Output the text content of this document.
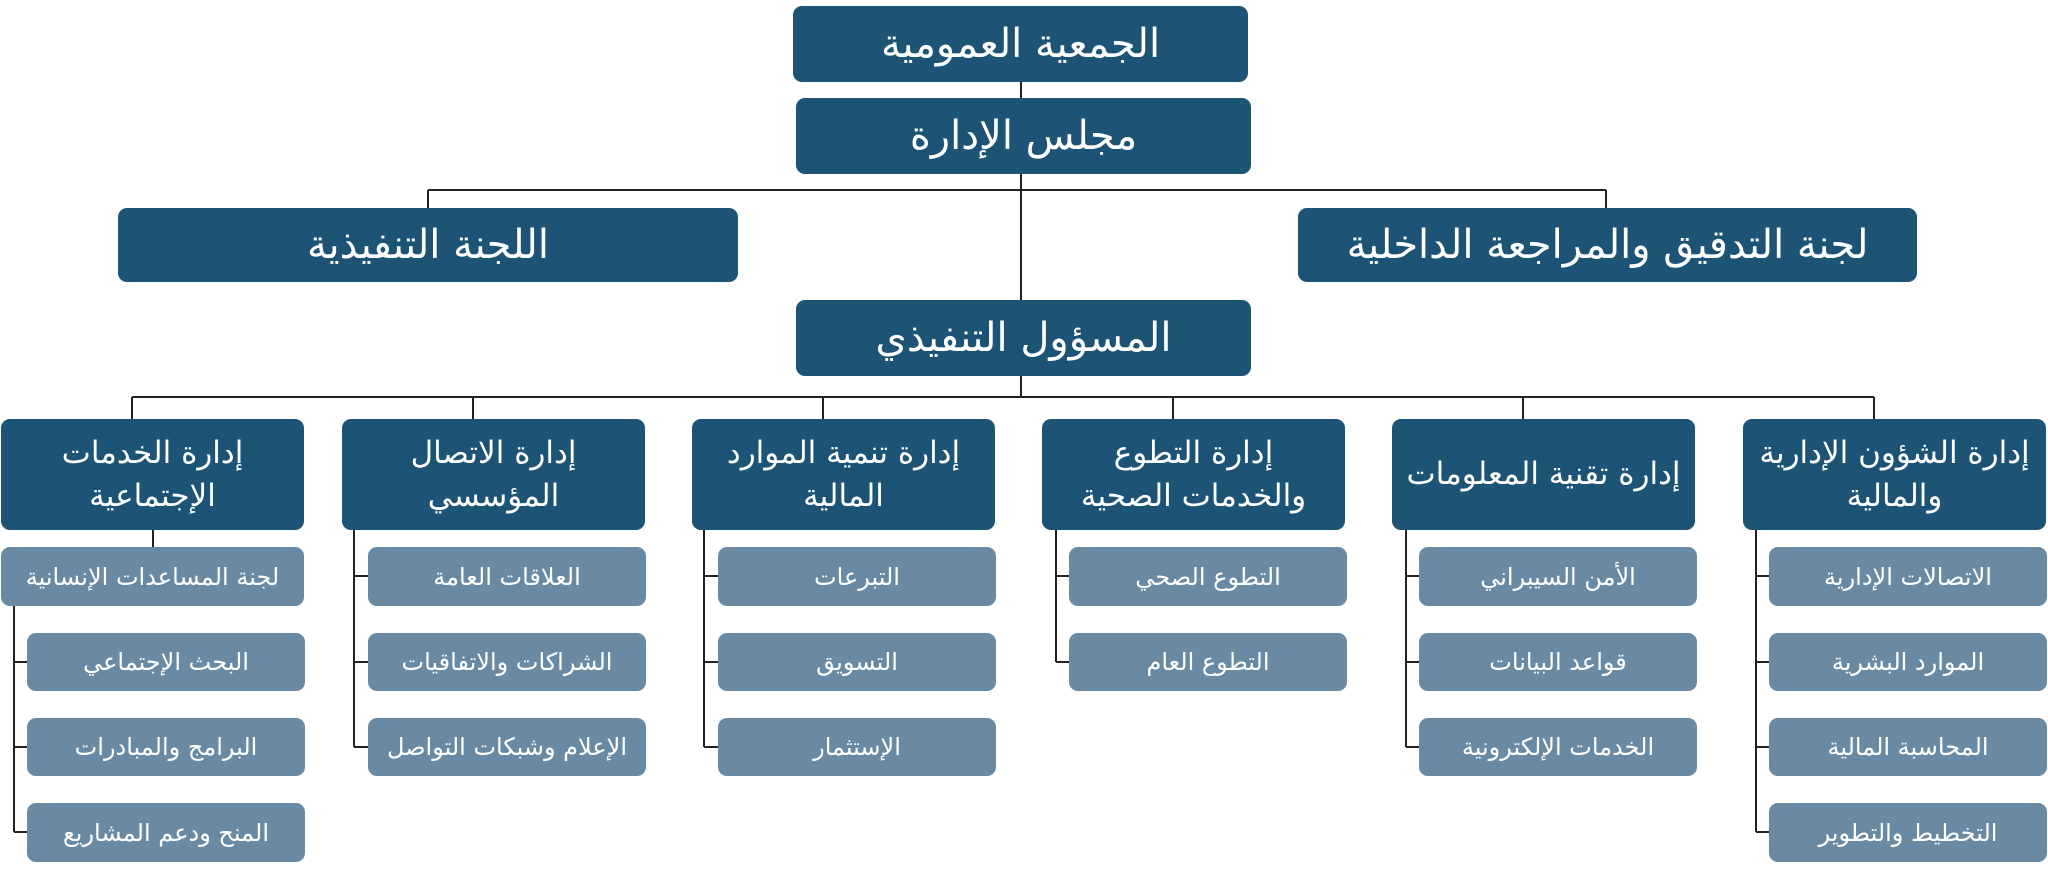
الجمعية العمومية
مجلس الإدارة
اللجنة التنفيذية	لجنة التدقيق والمراجعة الداخلية
المسؤول التنفيذي
إدارة الخدمات الإجتماعية
لجنة المساعدات الإنسانية
البحث الإجتماعي
البرامج والمبادرات
المنح ودعم المشاريع
إدارة الاتصال المؤسسي
العلاقات العامة
الشراكات والاتفاقيات
الإعلام وشبكات التواصل
إدارة تنمية الموارد المالية
التبرعات
التسويق
الإستثمار
إدارة التطوع والخدمات الصحية
التطوع الصحي
التطوع العام
إدارة تقنية المعلومات
الأمن السيبراني
قواعد البيانات
الخدمات الإلكترونية
إدارة الشؤون الإدارية والمالية
الاتصالات الإدارية
الموارد البشرية
المحاسبة المالية
التخطيط والتطوير
